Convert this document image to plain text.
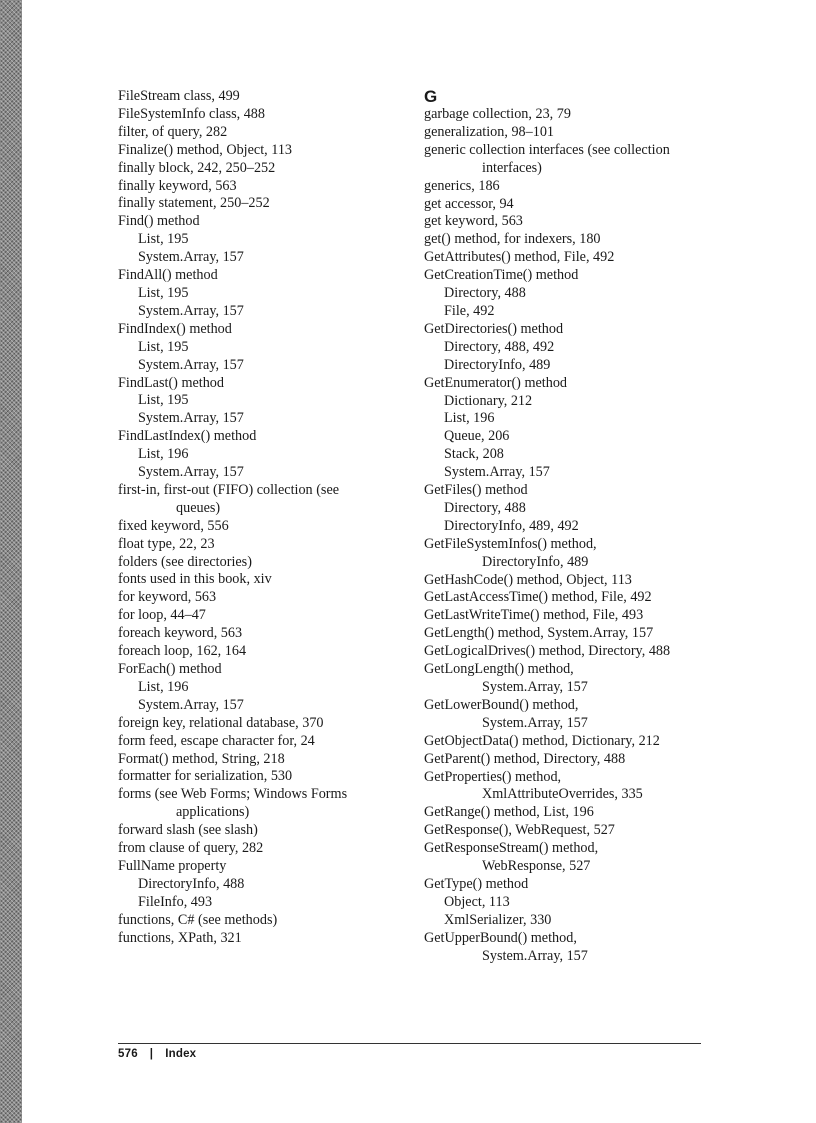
FileStream class, 499
FileSystemInfo class, 488
filter, of query, 282
Finalize() method, Object, 113
finally block, 242, 250–252
finally keyword, 563
finally statement, 250–252
Find() method
List, 195
System.Array, 157
FindAll() method
List, 195
System.Array, 157
FindIndex() method
List, 195
System.Array, 157
FindLast() method
List, 195
System.Array, 157
FindLastIndex() method
List, 196
System.Array, 157
first-in, first-out (FIFO) collection (see
queues)
fixed keyword, 556
float type, 22, 23
folders (see directories)
fonts used in this book, xiv
for keyword, 563
for loop, 44–47
foreach keyword, 563
foreach loop, 162, 164
ForEach() method
List, 196
System.Array, 157
foreign key, relational database, 370
form feed, escape character for, 24
Format() method, String, 218
formatter for serialization, 530
forms (see Web Forms; Windows Forms
applications)
forward slash (see slash)
from clause of query, 282
FullName property
DirectoryInfo, 488
FileInfo, 493
functions, C# (see methods)
functions, XPath, 321
G
garbage collection, 23, 79
generalization, 98–101
generic collection interfaces (see collection
interfaces)
generics, 186
get accessor, 94
get keyword, 563
get() method, for indexers, 180
GetAttributes() method, File, 492
GetCreationTime() method
Directory, 488
File, 492
GetDirectories() method
Directory, 488, 492
DirectoryInfo, 489
GetEnumerator() method
Dictionary, 212
List, 196
Queue, 206
Stack, 208
System.Array, 157
GetFiles() method
Directory, 488
DirectoryInfo, 489, 492
GetFileSystemInfos() method,
DirectoryInfo, 489
GetHashCode() method, Object, 113
GetLastAccessTime() method, File, 492
GetLastWriteTime() method, File, 493
GetLength() method, System.Array, 157
GetLogicalDrives() method, Directory, 488
GetLongLength() method,
System.Array, 157
GetLowerBound() method,
System.Array, 157
GetObjectData() method, Dictionary, 212
GetParent() method, Directory, 488
GetProperties() method,
XmlAttributeOverrides, 335
GetRange() method, List, 196
GetResponse(), WebRequest, 527
GetResponseStream() method,
WebResponse, 527
GetType() method
Object, 113
XmlSerializer, 330
GetUpperBound() method,
System.Array, 157
576 | Index
